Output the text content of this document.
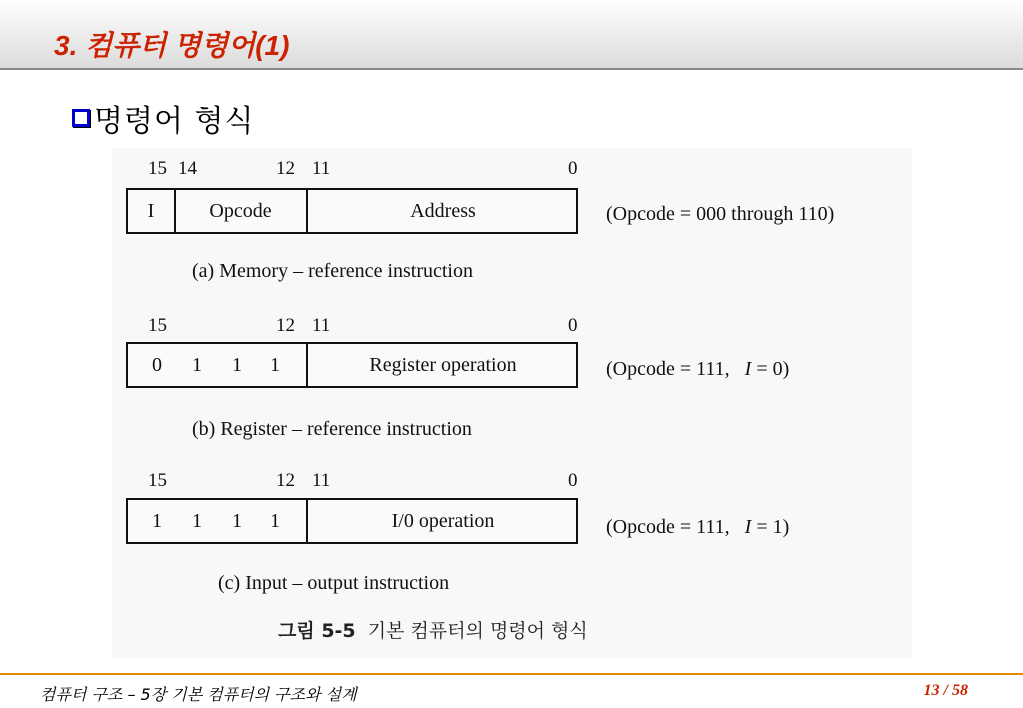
3. 컴퓨터 명령어(1)
명령어 형식
15 14	12 11	0
I	Opcode	Address	(Opcode = 000 through 110)
(a) Memory – reference instruction
15	12 11	0
0	1	1	1	Register operation	(Opcode = 111, I = 0)
(b) Register – reference instruction
15	12 11	0
1	1	1	1	I/0 operation	(Opcode = 111, I = 1)
(c) Input – output instruction
그림 5-5 기본 컴퓨터의 명령어 형식
컴퓨터 구조 – 5장 기본 컴퓨터의 구조와 설계	13 / 58
